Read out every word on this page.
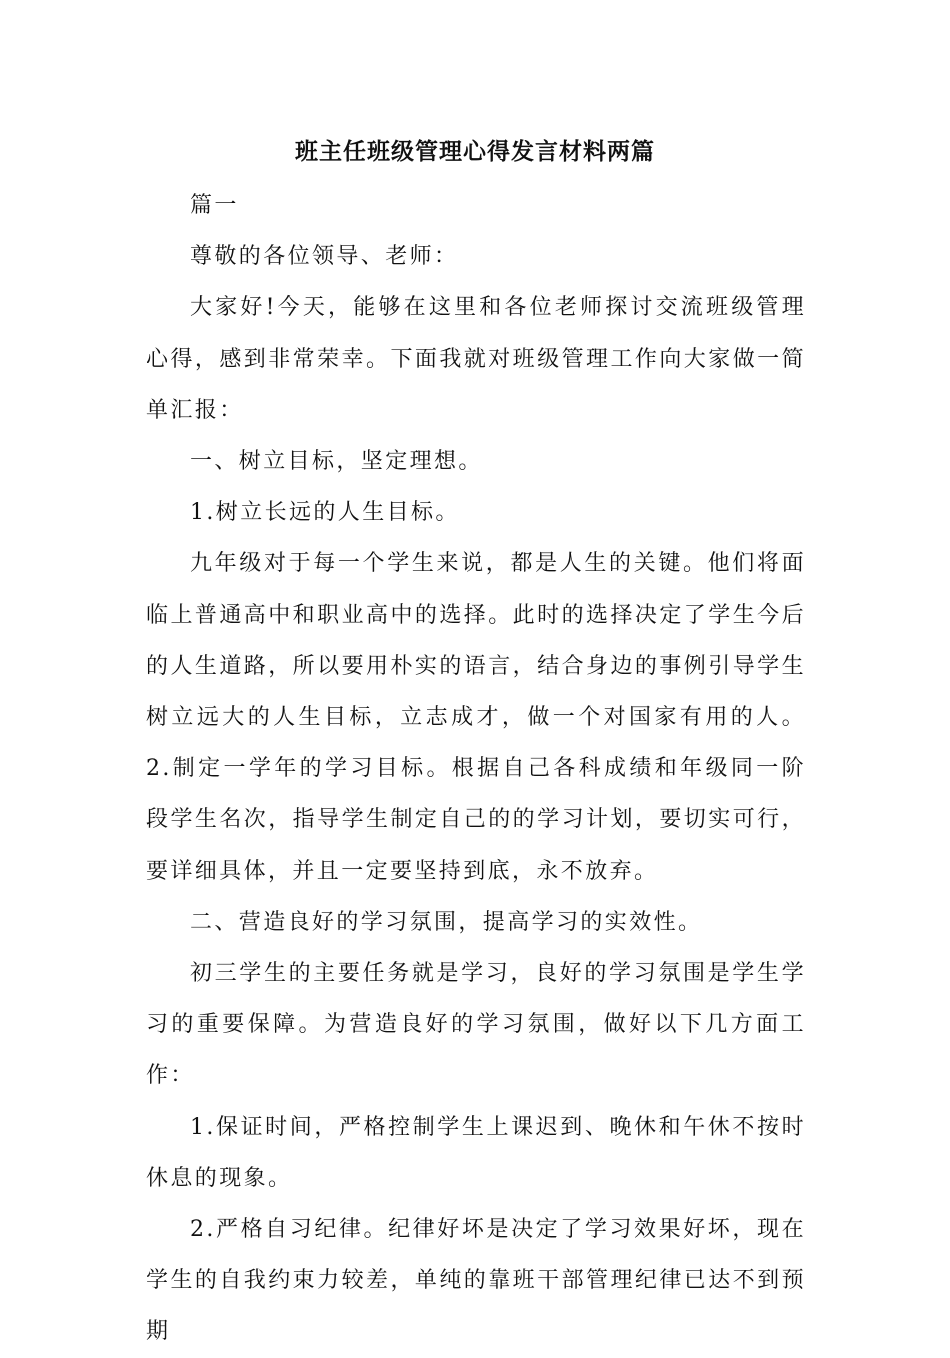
班主任班级管理心得发言材料两篇

篇一

尊敬的各位领导、老师：

大家好!今天，能够在这里和各位老师探讨交流班级管理心得，感到非常荣幸。下面我就对班级管理工作向大家做一简单汇报：

一、树立目标，坚定理想。

1.树立长远的人生目标。

九年级对于每一个学生来说，都是人生的关键。他们将面临上普通高中和职业高中的选择。此时的选择决定了学生今后的人生道路，所以要用朴实的语言，结合身边的事例引导学生树立远大的人生目标，立志成才，做一个对国家有用的人。2.制定一学年的学习目标。根据自己各科成绩和年级同一阶段学生名次，指导学生制定自己的的学习计划，要切实可行，要详细具体，并且一定要坚持到底，永不放弃。

二、营造良好的学习氛围，提高学习的实效性。

初三学生的主要任务就是学习，良好的学习氛围是学生学习的重要保障。为营造良好的学习氛围，做好以下几方面工作：

1.保证时间，严格控制学生上课迟到、晚休和午休不按时休息的现象。

2.严格自习纪律。纪律好坏是决定了学习效果好坏，现在学生的自我约束力较差，单纯的靠班干部管理纪律已达不到预期
